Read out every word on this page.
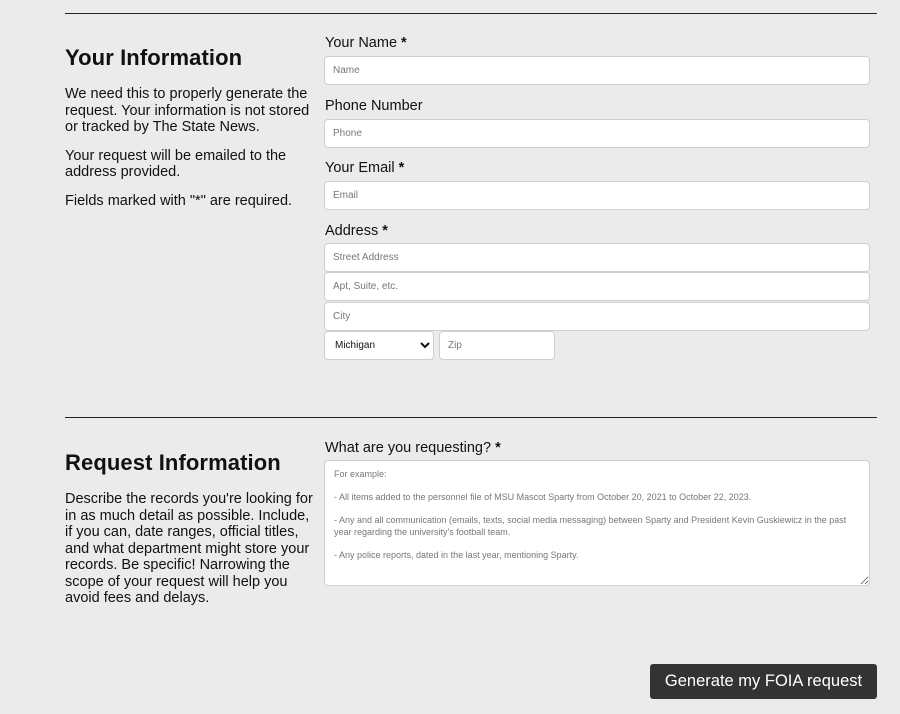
Your Information

We need this to properly generate the request. Your information is not stored or tracked by The State News.

Your request will be emailed to the address provided.

Fields marked with "*" are required.

Your Name *
Name
Phone Number
Phone
Your Email *
Email
Address *
Street Address
Apt, Suite, etc.
City
Michigan
Zip
Request Information

Describe the records you're looking for in as much detail as possible. Include, if you can, date ranges, official titles, and what department might store your records. Be specific! Narrowing the scope of your request will help you avoid fees and delays.

What are you requesting? *
For example: - All items added to the personnel file of MSU Mascot Sparty from October 20, 2021 to October 22, 2023. - Any and all communication (emails, texts, social media messaging) between Sparty and President Kevin Guskiewicz in the past year regarding the university's football team. - Any police reports, dated in the last year, mentioning Sparty.
Generate my FOIA request
